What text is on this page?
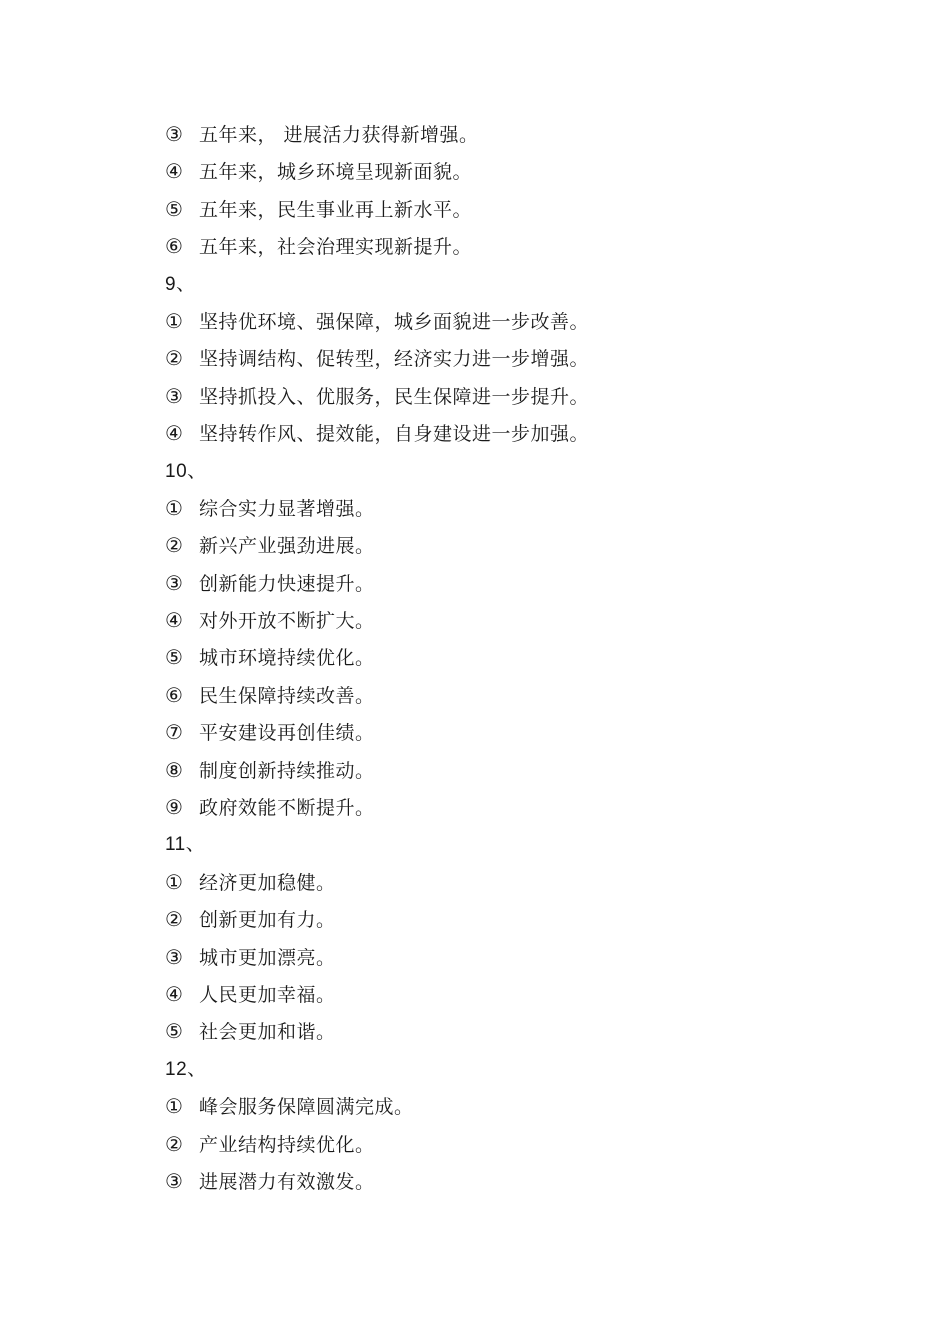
③ 五年来， 进展活力获得新增强。
④ 五年来，城乡环境呈现新面貌。
⑤ 五年来，民生事业再上新水平。
⑥ 五年来，社会治理实现新提升。
9、
① 坚持优环境、强保障，城乡面貌进一步改善。
② 坚持调结构、促转型，经济实力进一步增强。
③ 坚持抓投入、优服务，民生保障进一步提升。
④ 坚持转作风、提效能，自身建设进一步加强。
10、
① 综合实力显著增强。
② 新兴产业强劲进展。
③ 创新能力快速提升。
④ 对外开放不断扩大。
⑤ 城市环境持续优化。
⑥ 民生保障持续改善。
⑦ 平安建设再创佳绩。
⑧ 制度创新持续推动。
⑨ 政府效能不断提升。
11、
① 经济更加稳健。
② 创新更加有力。
③ 城市更加漂亮。
④ 人民更加幸福。
⑤ 社会更加和谐。
12、
① 峰会服务保障圆满完成。
② 产业结构持续优化。
③ 进展潜力有效激发。
